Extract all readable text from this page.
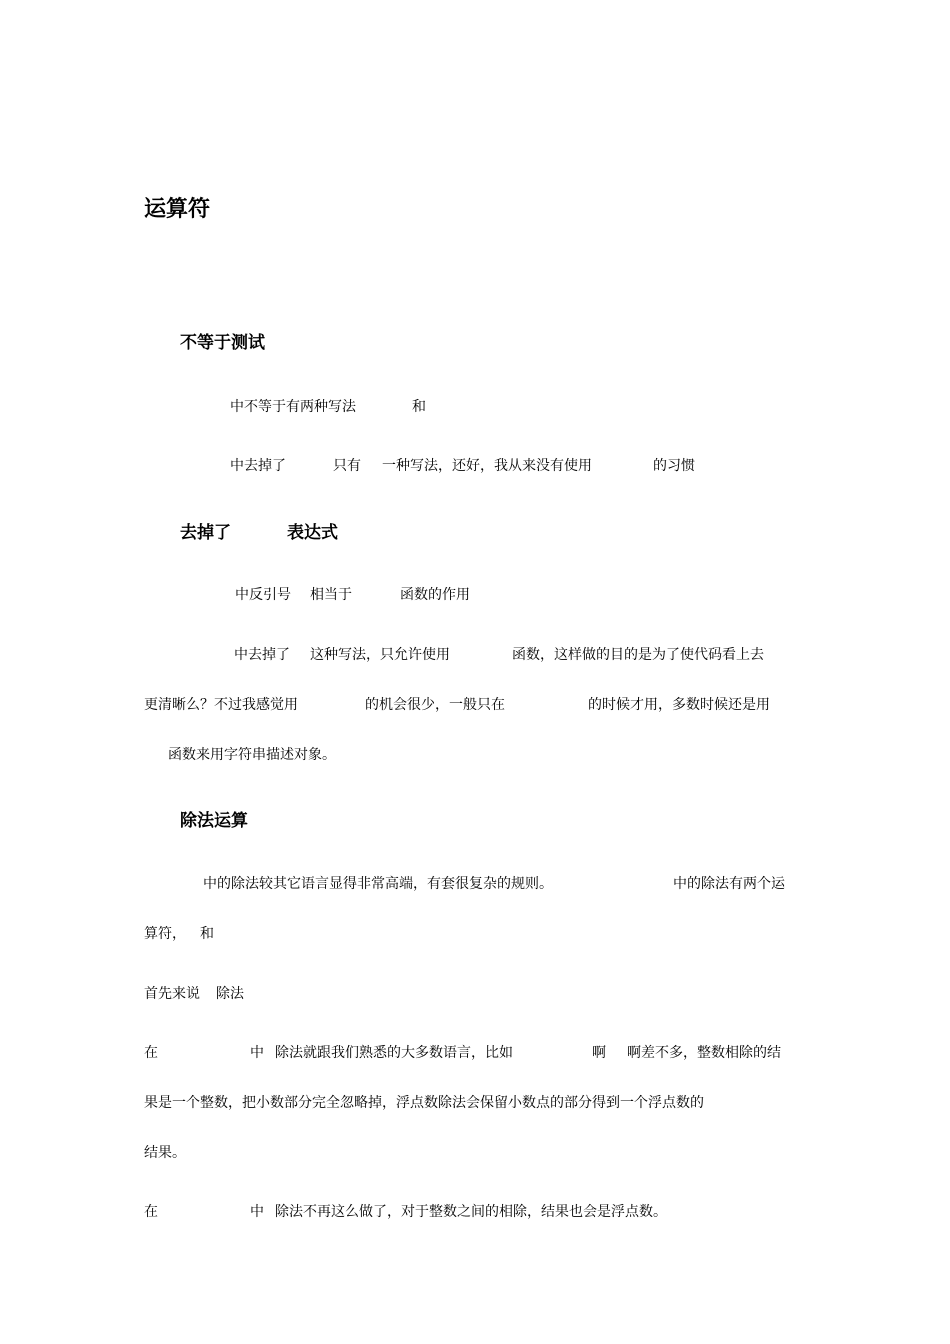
运算符
不等于测试
中不等于有两种写法	和
中去掉了	只有 一种写法，还好，我从来没有使用	的习惯
去掉了	表达式
中反引号 相当于	函数的作用
中去掉了 这种写法，只允许使用	函数，这样做的目的是为了使代码看上去
更清晰么？不过我感觉用	的机会很少，一般只在	的时候才用，多数时候还是用
函数来用字符串描述对象。
除法运算
中的除法较其它语言显得非常高端，有套很复杂的规则。	中的除法有两个运
算符， 和
首先来说 除法
在	中 除法就跟我们熟悉的大多数语言，比如	啊 啊差不多，整数相除的结
果是一个整数，把小数部分完全忽略掉，浮点数除法会保留小数点的部分得到一个浮点数的
结果。
在	中 除法不再这么做了，对于整数之间的相除，结果也会是浮点数。
